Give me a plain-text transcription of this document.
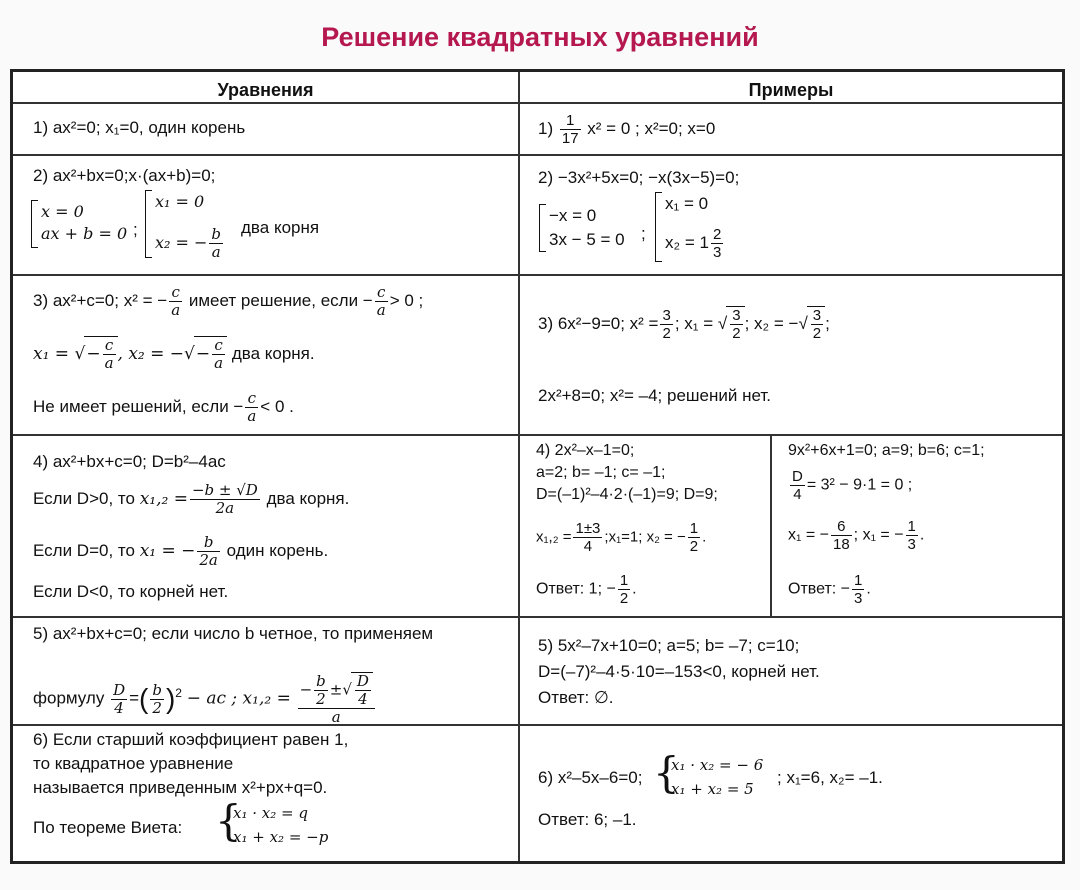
Решение квадратных уравнений
Уравнения	Примеры
1) ax²=0; x₁=0, один корень	$1) \frac{1}{17} x^2 = 0$ ; x²=0; x=0
2) ax²+bx=0;x·(ax+b)=0;
x = 0
ax + b = 0 ;
x₁ = 0
x₂ = − $\frac{b}{a}$ два корня
2) −3x²+5x=0; −x(3x−5)=0;
−x = 0
3x − 5 = 0 ;
x₁ = 0
$x_2 = 1 \frac{2}{3}$
3) ax²+c=0; x² = − $\frac{c}{a}$ имеет решение, если − $\frac{c}{a} > 0$ ;
x₁ = √− $\frac{c}{a}$ , x₂ = −√− $\frac{c}{a}$ два корня.
Не имеет решений, если − $\frac{c}{a} < 0$ .
3) 6x²−9=0; $x^2 = \frac{3}{2}$ ; x₁ = √ $\frac{3}{2}$ ; x₂ = −√ $\frac{3}{2}$ ;
2x²+8=0; x²= –4; решений нет.
4) ax²+bx+c=0; D=b²–4ac
Если D>0, то $x_1,_2 = \frac{-b \pm √D}{2a}$ два корня.
Если D=0, то x₁ = − $\frac{b}{2a}$ один корень.
Если D<0, то корней нет.
4) 2x²–x–1=0;
a=2; b= –1; c= –1;
D=(–1)²–4·2·(–1)=9; D=9;
$x_1,_2 = \frac{1\pm 3}{4}$ ;x₁=1; x₂ = − $\frac{1}{2}$ .
Ответ: 1; − $\frac{1}{2}$ .
9x²+6x+1=0; a=9; b=6; c=1;
$\frac{D}{4} = 3^2 - 9\cdot 1 = 0$ ;
x₁ = − $\frac{6}{18}$ ; x₁ = − $\frac{1}{3}$ .
Ответ: − $\frac{1}{3}$ .
5) ax²+bx+c=0; если число b четное, то применяем
формулу $\frac{D}{4}$ =( $\frac{b}{2} )^2$ − ac ; $x_1,_2 = \frac{- \frac{b}{2} \pm√ \frac{D}{4}}{a}$
5) 5x²–7x+10=0; a=5; b= –7; c=10;
D=(–7)²–4·5·10=–153<0, корней нет.
Ответ: ∅.
6) Если старший коэффициент равен 1,
то квадратное уравнение
называется приведенным x²+px+q=0.
По теореме Виета: {
x₁ · x₂ = q
x₁ + x₂ = −p
6) x²–5x–6=0; {
x₁ · x₂ = − 6
x₁ + x₂ = 5
; x₁=6, x₂= –1.
Ответ: 6; –1.
